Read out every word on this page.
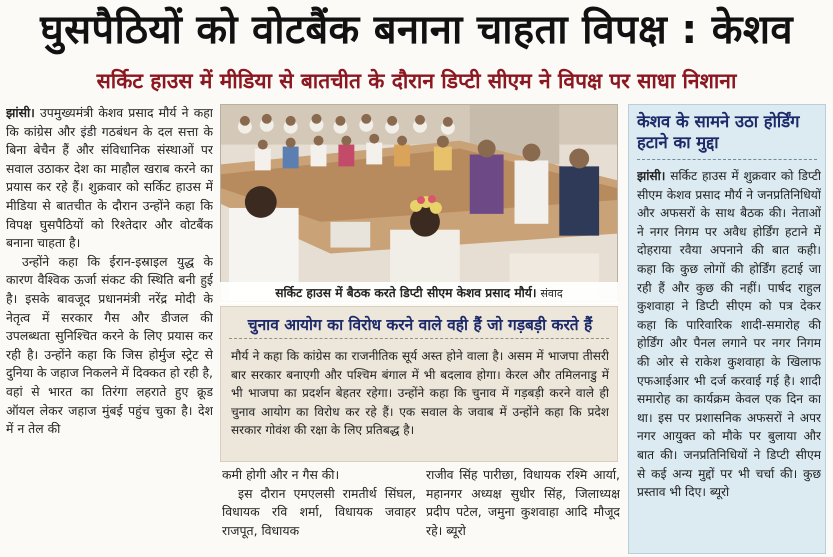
घुसपैठियों को वोटबैंक बनाना चाहता विपक्ष : केशव
सर्किट हाउस में मीडिया से बातचीत के दौरान डिप्टी सीएम ने विपक्ष पर साधा निशाना

झांसी। उपमुख्यमंत्री केशव प्रसाद मौर्य ने कहा कि कांग्रेस और इंडी गठबंधन के दल सत्ता के बिना बेचैन हैं और संविधानिक संस्थाओं पर सवाल उठाकर देश का माहौल खराब करने का प्रयास कर रहे हैं। शुक्रवार को सर्किट हाउस में मीडिया से बातचीत के दौरान उन्होंने कहा कि विपक्ष घुसपैठियों को रिश्तेदार और वोटबैंक बनाना चाहता है।

उन्होंने कहा कि ईरान-इस्राइल युद्ध के कारण वैश्विक ऊर्जा संकट की स्थिति बनी हुई है। इसके बावजूद प्रधानमंत्री नरेंद्र मोदी के नेतृत्व में सरकार गैस और डीजल की उपलब्धता सुनिश्चित करने के लिए प्रयास कर रही है। उन्होंने कहा कि जिस होर्मुज स्ट्रेट से दुनिया के जहाज निकलने में दिक्कत हो रही है, वहां से भारत का तिरंगा लहराते हुए क्रूड ऑयल लेकर जहाज मुंबई पहुंच चुका है। देश में न तेल की

सर्किट हाउस में बैठक करते डिप्टी सीएम केशव प्रसाद मौर्य। संवाद
चुनाव आयोग का विरोध करने वाले वही हैं जो गड़बड़ी करते हैं
मौर्य ने कहा कि कांग्रेस का राजनीतिक सूर्य अस्त होने वाला है। असम में भाजपा तीसरी बार सरकार बनाएगी और पश्चिम बंगाल में भी बदलाव होगा। केरल और तमिलनाडु में भी भाजपा का प्रदर्शन बेहतर रहेगा। उन्होंने कहा कि चुनाव में गड़बड़ी करने वाले ही चुनाव आयोग का विरोध कर रहे हैं। एक सवाल के जवाब में उन्होंने कहा कि प्रदेश सरकार गोवंश की रक्षा के लिए प्रतिबद्ध है।

कमी होगी और न गैस की।

इस दौरान एमएलसी रामतीर्थ सिंघल, विधायक रवि शर्मा, विधायक जवाहर राजपूत, विधायक

राजीव सिंह पारीछा, विधायक रश्मि आर्या, महानगर अध्यक्ष सुधीर सिंह, जिलाध्यक्ष प्रदीप पटेल, जमुना कुशवाहा आदि मौजूद रहे। ब्यूरो

केशव के सामने उठा होर्डिंग हटाने का मुद्दा
झांसी। सर्किट हाउस में शुक्रवार को डिप्टी सीएम केशव प्रसाद मौर्य ने जनप्रतिनिधियों और अफसरों के साथ बैठक की। नेताओं ने नगर निगम पर अवैध होर्डिंग हटाने में दोहराया रवैया अपनाने की बात कही। कहा कि कुछ लोगों की होर्डिंग हटाई जा रही हैं और कुछ की नहीं। पार्षद राहुल कुशवाहा ने डिप्टी सीएम को पत्र देकर कहा कि पारिवारिक शादी-समारोह की होर्डिंग और पैनल लगाने पर नगर निगम की ओर से राकेश कुशवाहा के खिलाफ एफआईआर भी दर्ज करवाई गई है। शादी समारोह का कार्यक्रम केवल एक दिन का था। इस पर प्रशासनिक अफसरों ने अपर नगर आयुक्त को मौके पर बुलाया और बात की। जनप्रतिनिधियों ने डिप्टी सीएम से कई अन्य मुद्दों पर भी चर्चा की। कुछ प्रस्ताव भी दिए। ब्यूरो
